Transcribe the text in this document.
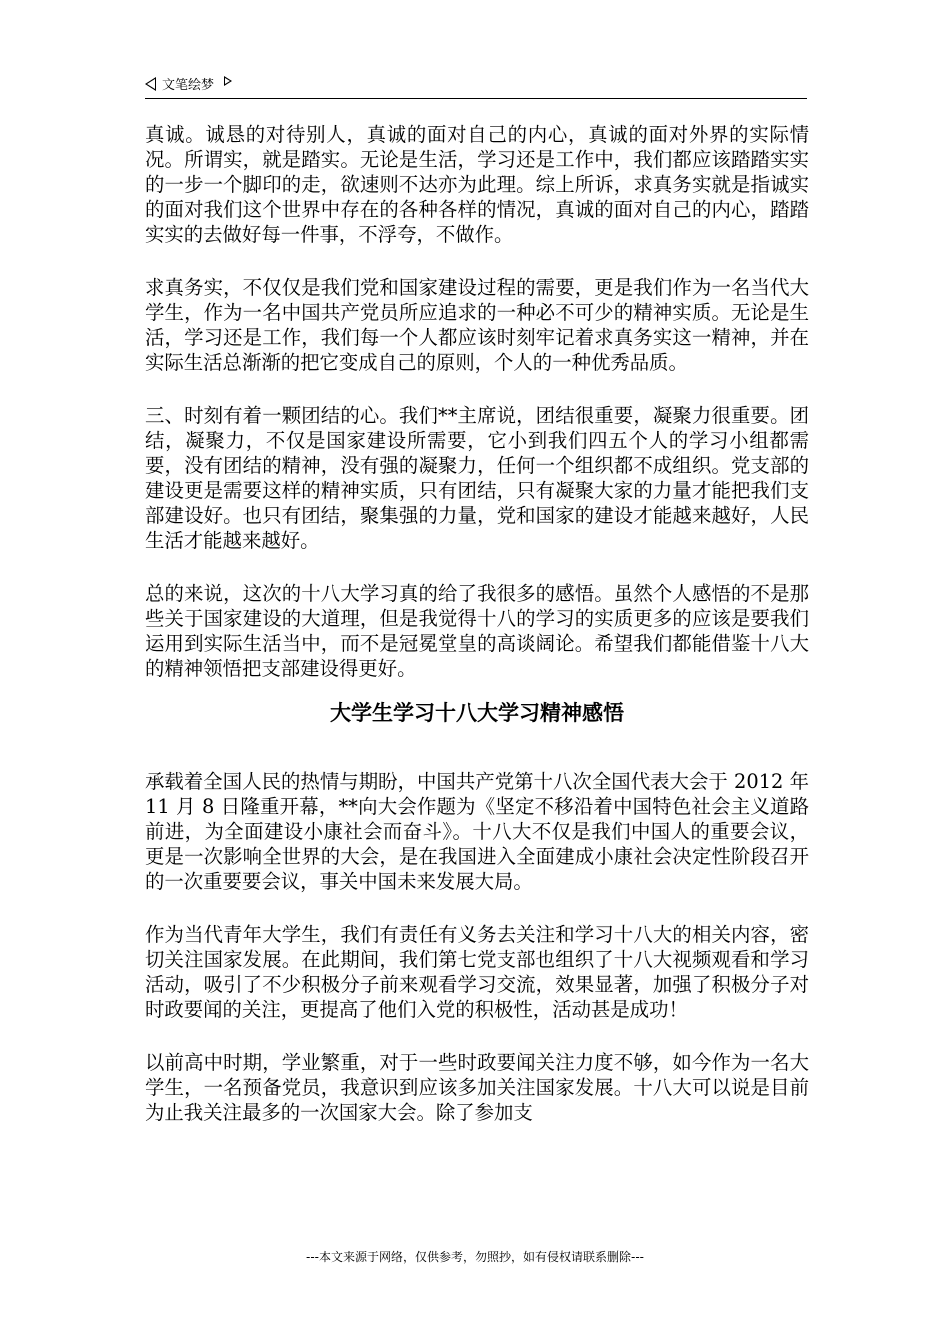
文笔绘梦

真诚。诚恳的对待别人，真诚的面对自己的内心，真诚的面对外界的实际情况。所谓实，就是踏实。无论是生活，学习还是工作中，我们都应该踏踏实实的一步一个脚印的走，欲速则不达亦为此理。综上所诉，求真务实就是指诚实的面对我们这个世界中存在的各种各样的情况，真诚的面对自己的内心，踏踏实实的去做好每一件事，不浮夸，不做作。

求真务实，不仅仅是我们党和国家建设过程的需要，更是我们作为一名当代大学生，作为一名中国共产党员所应追求的一种必不可少的精神实质。无论是生活，学习还是工作，我们每一个人都应该时刻牢记着求真务实这一精神，并在实际生活总渐渐的把它变成自己的原则，个人的一种优秀品质。

三、时刻有着一颗团结的心。我们**主席说，团结很重要，凝聚力很重要。团结，凝聚力，不仅是国家建设所需要，它小到我们四五个人的学习小组都需要，没有团结的精神，没有强的凝聚力，任何一个组织都不成组织。党支部的建设更是需要这样的精神实质，只有团结，只有凝聚大家的力量才能把我们支部建设好。也只有团结，聚集强的力量，党和国家的建设才能越来越好，人民生活才能越来越好。

总的来说，这次的十八大学习真的给了我很多的感悟。虽然个人感悟的不是那些关于国家建设的大道理，但是我觉得十八的学习的实质更多的应该是要我们运用到实际生活当中，而不是冠冕堂皇的高谈阔论。希望我们都能借鉴十八大的精神领悟把支部建设得更好。

大学生学习十八大学习精神感悟

承载着全国人民的热情与期盼，中国共产党第十八次全国代表大会于 2012 年 11 月 8 日隆重开幕，**向大会作题为《坚定不移沿着中国特色社会主义道路前进，为全面建设小康社会而奋斗》。十八大不仅是我们中国人的重要会议，更是一次影响全世界的大会，是在我国进入全面建成小康社会决定性阶段召开的一次重要要会议，事关中国未来发展大局。

作为当代青年大学生，我们有责任有义务去关注和学习十八大的相关内容，密切关注国家发展。在此期间，我们第七党支部也组织了十八大视频观看和学习活动，吸引了不少积极分子前来观看学习交流，效果显著，加强了积极分子对时政要闻的关注，更提高了他们入党的积极性，活动甚是成功！

以前高中时期，学业繁重，对于一些时政要闻关注力度不够，如今作为一名大学生，一名预备党员，我意识到应该多加关注国家发展。十八大可以说是目前为止我关注最多的一次国家大会。除了参加支

---本文来源于网络，仅供参考，勿照抄，如有侵权请联系删除---
